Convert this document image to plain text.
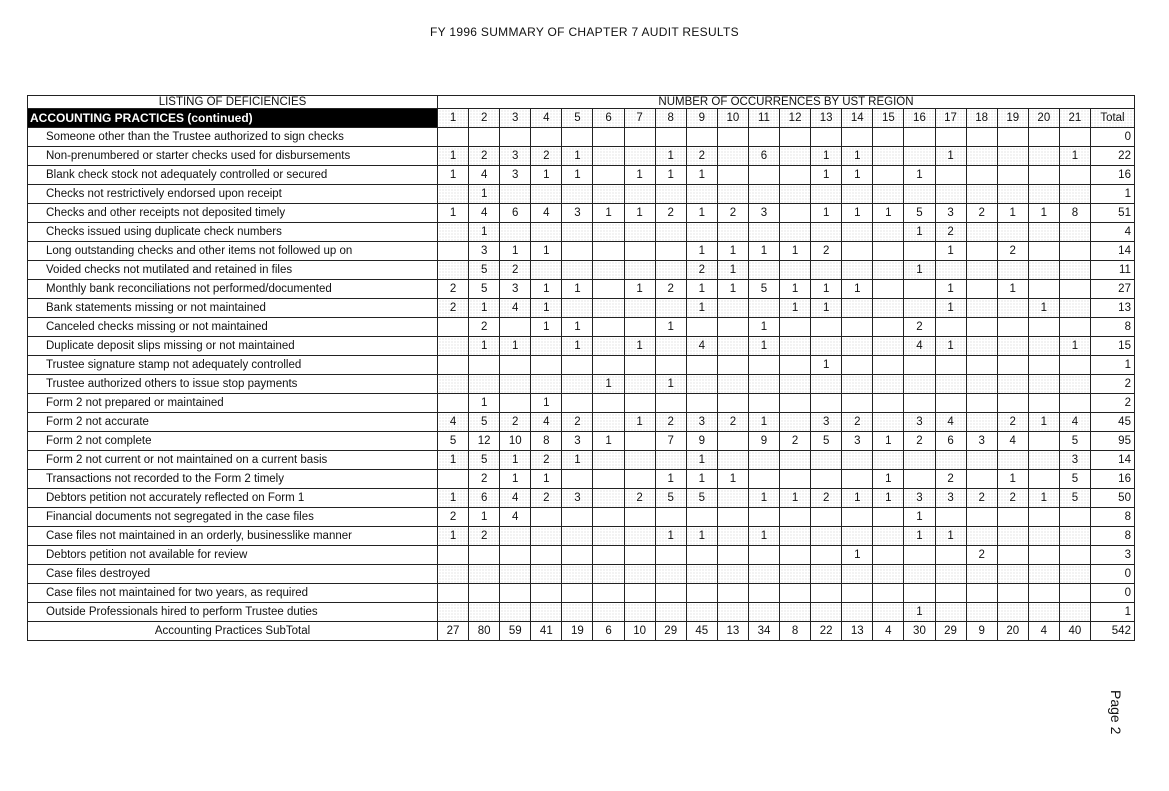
FY 1996 SUMMARY OF CHAPTER 7 AUDIT RESULTS
LISTING OF DEFICIENCIES	NUMBER OF OCCURRENCES BY UST REGION																					
ACCOUNTING PRACTICES (continued)	1	2	3	4	5	6	7	8	9	10	11	12	13	14	15	16	17	18	19	20	21	Total
Someone other than the Trustee authorized to sign checks																						0
Non-prenumbered or starter checks used for disbursements	1	2	3	2	1			1	2		6		1	1			1				1	22
Blank check stock not adequately controlled or secured	1	4	3	1	1		1	1	1				1	1		1						16
Checks not restrictively endorsed upon receipt		1																				1
Checks and other receipts not deposited timely	1	4	6	4	3	1	1	2	1	2	3		1	1	1	5	3	2	1	1	8	51
Checks issued using duplicate check numbers		1														1	2					4
Long outstanding checks and other items not followed up on		3	1	1					1	1	1	1	2				1		2			14
Voided checks not mutilated and retained in files		5	2						2	1						1						11
Monthly bank reconciliations not performed/documented	2	5	3	1	1		1	2	1	1	5	1	1	1			1		1			27
Bank statements missing or not maintained	2	1	4	1					1			1	1				1			1		13
Canceled checks missing or not maintained		2		1	1			1			1					2						8
Duplicate deposit slips missing or not maintained		1	1		1		1		4		1					4	1				1	15
Trustee signature stamp not adequately controlled													1									1
Trustee authorized others to issue stop payments						1		1														2
Form 2 not prepared or maintained		1		1																		2
Form 2 not accurate	4	5	2	4	2		1	2	3	2	1		3	2		3	4		2	1	4	45
Form 2 not complete	5	12	10	8	3	1		7	9		9	2	5	3	1	2	6	3	4		5	95
Form 2 not current or not maintained on a current basis	1	5	1	2	1				1												3	14
Transactions not recorded to the Form 2 timely		2	1	1				1	1	1					1		2		1		5	16
Debtors petition not accurately reflected on Form 1	1	6	4	2	3		2	5	5		1	1	2	1	1	3	3	2	2	1	5	50
Financial documents not segregated in the case files	2	1	4													1						8
Case files not maintained in an orderly, businesslike manner	1	2						1	1		1					1	1					8
Debtors petition not available for review														1				2				3
Case files destroyed																						0
Case files not maintained for two years, as required																						0
Outside Professionals hired to perform Trustee duties																1						1
Accounting Practices SubTotal	27	80	59	41	19	6	10	29	45	13	34	8	22	13	4	30	29	9	20	4	40	542
Page 2
